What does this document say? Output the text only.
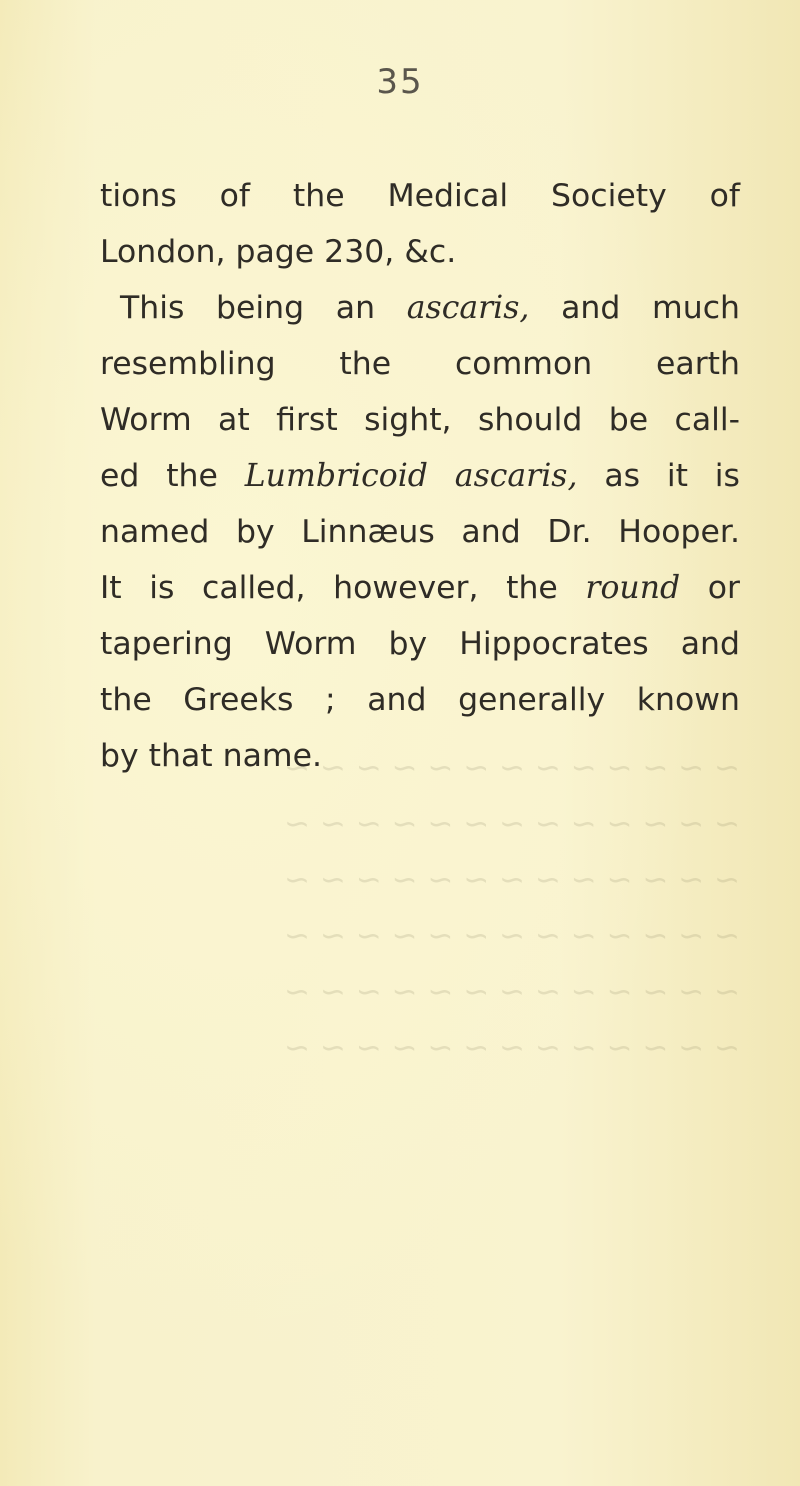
35
tions of the Medical Society of
London, page 230, &c.
This being an ascaris, and much
resembling the common earth
Worm at first sight, should be call-
ed the Lumbricoid ascaris, as it is
named by Linnæus and Dr. Hooper.
It is called, however, the round or
tapering Worm by Hippocrates and
the Greeks ; and generally known
by that name.
~ ~ ~ ~ ~ ~ ~ ~ ~ ~ ~ ~ ~
~ ~ ~ ~ ~ ~ ~ ~ ~ ~ ~ ~ ~
~ ~ ~ ~ ~ ~ ~ ~ ~ ~ ~ ~ ~
~ ~ ~ ~ ~ ~ ~ ~ ~ ~ ~ ~ ~
~ ~ ~ ~ ~ ~ ~ ~ ~ ~ ~ ~ ~
~ ~ ~ ~ ~ ~ ~ ~ ~ ~ ~ ~ ~
